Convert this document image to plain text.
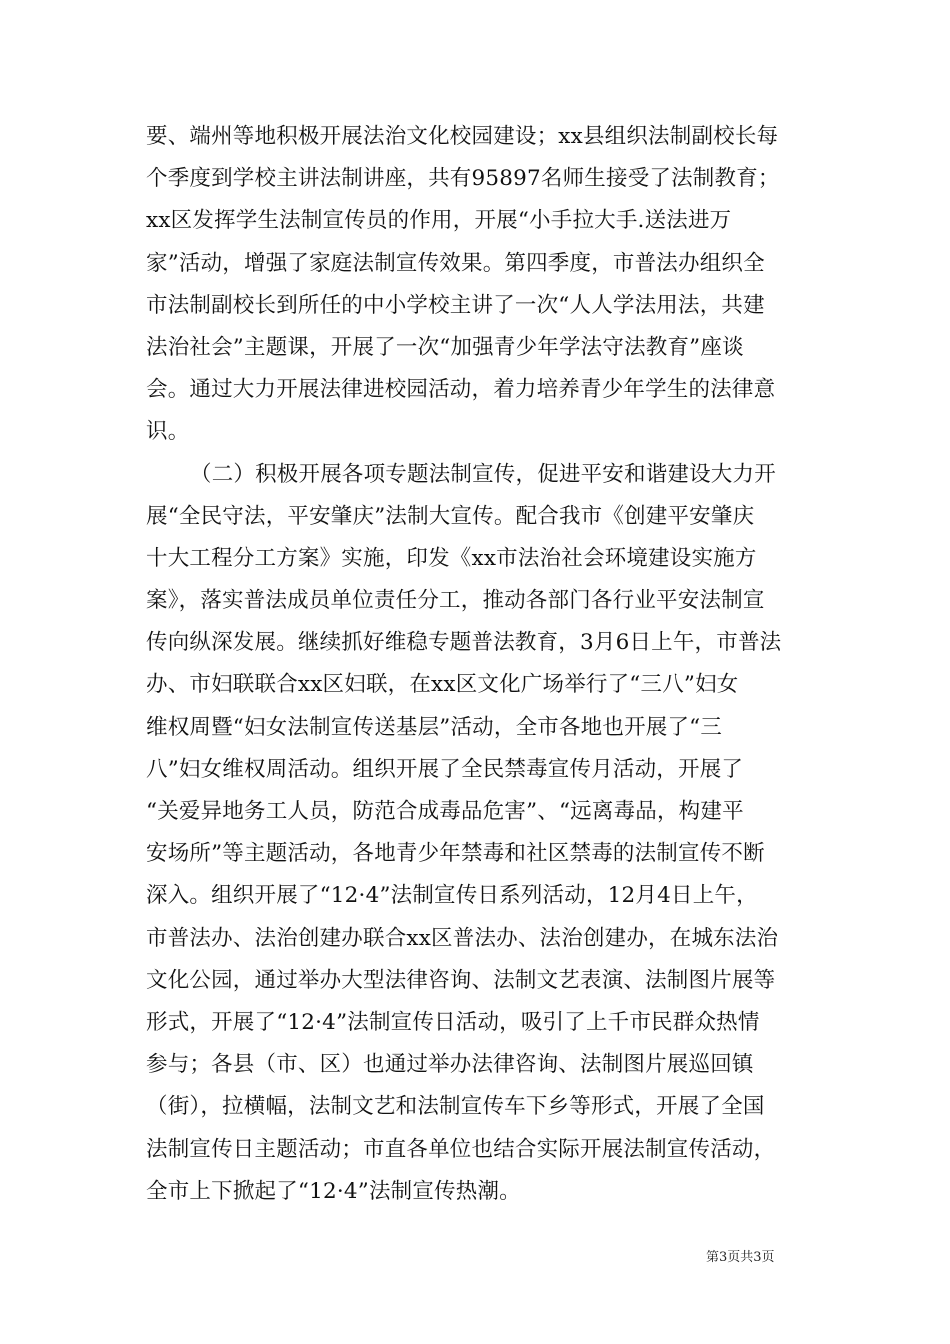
要、端州等地积极开展法治文化校园建设；xx县组织法制副校长每
个季度到学校主讲法制讲座，共有95897名师生接受了法制教育；
xx区发挥学生法制宣传员的作用，开展“小手拉大手.送法进万
家”活动，增强了家庭法制宣传效果。第四季度，市普法办组织全
市法制副校长到所任的中小学校主讲了一次“人人学法用法，共建
法治社会”主题课，开展了一次“加强青少年学法守法教育”座谈
会。通过大力开展法律进校园活动，着力培养青少年学生的法律意
识。
（二）积极开展各项专题法制宣传，促进平安和谐建设大力开
展“全民守法，平安肇庆”法制大宣传。配合我市《创建平安肇庆
十大工程分工方案》实施，印发《xx市法治社会环境建设实施方
案》，落实普法成员单位责任分工，推动各部门各行业平安法制宣
传向纵深发展。继续抓好维稳专题普法教育，3月6日上午，市普法
办、市妇联联合xx区妇联，在xx区文化广场举行了“三八”妇女
维权周暨“妇女法制宣传送基层”活动，全市各地也开展了“三
八”妇女维权周活动。组织开展了全民禁毒宣传月活动，开展了
“关爱异地务工人员，防范合成毒品危害”、“远离毒品，构建平
安场所”等主题活动，各地青少年禁毒和社区禁毒的法制宣传不断
深入。组织开展了“12·4”法制宣传日系列活动，12月4日上午，
市普法办、法治创建办联合xx区普法办、法治创建办，在城东法治
文化公园，通过举办大型法律咨询、法制文艺表演、法制图片展等
形式，开展了“12·4”法制宣传日活动，吸引了上千市民群众热情
参与；各县（市、区）也通过举办法律咨询、法制图片展巡回镇
（街），拉横幅，法制文艺和法制宣传车下乡等形式，开展了全国
法制宣传日主题活动；市直各单位也结合实际开展法制宣传活动，
全市上下掀起了“12·4”法制宣传热潮。
第3页共3页
